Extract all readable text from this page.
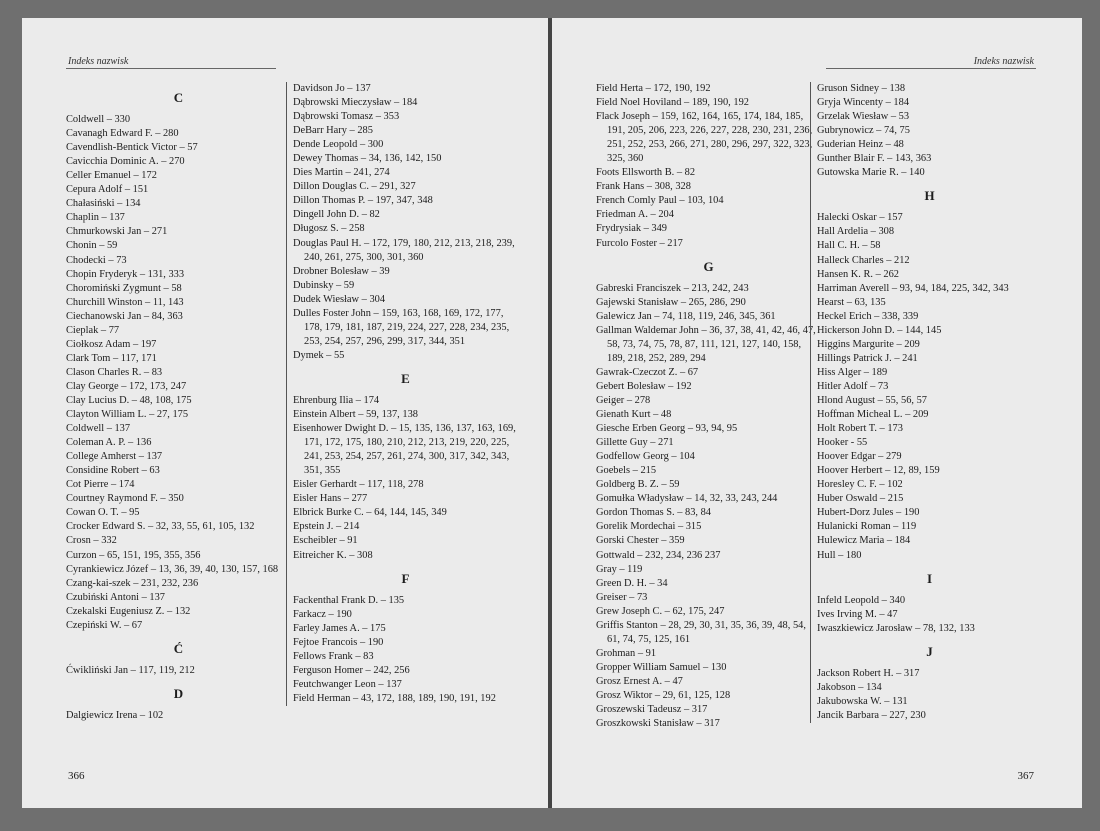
Indeks nazwisk
C
Coldwell – 330
Cavanagh Edward F. – 280
Cavendlish-Bentick Victor – 57
Cavicchia Dominic A. – 270
Celler Emanuel – 172
Cepura Adolf – 151
Chałasiński – 134
Chaplin – 137
Chmurkowski Jan – 271
Chonin – 59
Chodecki – 73
Chopin Fryderyk – 131, 333
Choromiński Zygmunt – 58
Churchill Winston – 11, 143
Ciechanowski Jan – 84, 363
Cieplak – 77
Ciołkosz Adam – 197
Clark Tom – 117, 171
Clason Charles R. – 83
Clay George – 172, 173, 247
Clay Lucius D. – 48, 108, 175
Clayton William L. – 27, 175
Coldwell – 137
Coleman A. P. – 136
College Amherst – 137
Considine Robert – 63
Cot Pierre – 174
Courtney Raymond F. – 350
Cowan O. T. – 95
Crocker Edward S. – 32, 33, 55, 61, 105, 132
Crosn – 332
Curzon – 65, 151, 195, 355, 356
Cyrankiewicz Józef – 13, 36, 39, 40, 130, 157, 168
Czang-kai-szek – 231, 232, 236
Czubiński Antoni – 137
Czekalski Eugeniusz Z. – 132
Czepiński W. – 67
Ć
Ćwikliński Jan – 117, 119, 212
D
Dalgiewicz Irena – 102
Davidson Jo – 137
Dąbrowski Mieczysław – 184
Dąbrowski Tomasz – 353
DeBarr Hary – 285
Dende Leopold – 300
Dewey Thomas – 34, 136, 142, 150
Dies Martin – 241, 274
Dillon Douglas C. – 291, 327
Dillon Thomas P. – 197, 347, 348
Dingell John D. – 82
Długosz S. – 258
Douglas Paul H. – 172, 179, 180, 212, 213, 218, 239, 240, 261, 275, 300, 301, 360
Drobner Bolesław – 39
Dubinsky – 59
Dudek Wiesław – 304
Dulles Foster John – 159, 163, 168, 169, 172, 177, 178, 179, 181, 187, 219, 224, 227, 228, 234, 235, 253, 254, 257, 296, 299, 317, 344, 351
Dymek – 55
E
Ehrenburg Ilia – 174
Einstein Albert – 59, 137, 138
Eisenhower Dwight D. – 15, 135, 136, 137, 163, 169, 171, 172, 175, 180, 210, 212, 213, 219, 220, 225, 241, 253, 254, 257, 261, 274, 300, 317, 342, 343, 351, 355
Eisler Gerhardt – 117, 118, 278
Eisler Hans – 277
Elbrick Burke C. – 64, 144, 145, 349
Epstein J. – 214
Escheibler – 91
Eitreicher K. – 308
F
Fackenthal Frank D. – 135
Farkacz – 190
Farley James A. – 175
Fejtoe Francois – 190
Fellows Frank – 83
Ferguson Homer – 242, 256
Feutchwanger Leon – 137
Field Herman – 43, 172, 188, 189, 190, 191, 192
366
Indeks nazwisk
Field Herta – 172, 190, 192
Field Noel Hoviland – 189, 190, 192
Flack Joseph – 159, 162, 164, 165, 174, 184, 185, 191, 205, 206, 223, 226, 227, 228, 230, 231, 236, 251, 252, 253, 266, 271, 280, 296, 297, 322, 323, 325, 360
Foots Ellsworth B. – 82
Frank Hans – 308, 328
French Comly Paul – 103, 104
Friedman A. – 204
Frydrysiak – 349
Furcolo Foster – 217
G
Gabreski Franciszek – 213, 242, 243
Gajewski Stanisław – 265, 286, 290
Galewicz Jan – 74, 118, 119, 246, 345, 361
Gallman Waldemar John – 36, 37, 38, 41, 42, 46, 47, 58, 73, 74, 75, 78, 87, 111, 121, 127, 140, 158, 189, 218, 252, 289, 294
Gawrak-Czeczot Z. – 67
Gebert Bolesław – 192
Geiger – 278
Gienath Kurt – 48
Giesche Erben Georg – 93, 94, 95
Gillette Guy – 271
Godfellow Georg – 104
Goebels – 215
Goldberg B. Z. – 59
Gomułka Władysław – 14, 32, 33, 243, 244
Gordon Thomas S. – 83, 84
Gorelik Mordechai – 315
Gorski Chester – 359
Gottwald – 232, 234, 236 237
Gray – 119
Green D. H. – 34
Greiser – 73
Grew Joseph C. – 62, 175, 247
Griffis Stanton – 28, 29, 30, 31, 35, 36, 39, 48, 54, 61, 74, 75, 125, 161
Grohman – 91
Gropper William Samuel – 130
Grosz Ernest A. – 47
Grosz Wiktor – 29, 61, 125, 128
Groszewski Tadeusz – 317
Groszkowski Stanisław – 317
Gruson Sidney – 138
Gryja Wincenty – 184
Grzelak Wiesław – 53
Gubrynowicz – 74, 75
Guderian Heinz – 48
Gunther Blair F. – 143, 363
Gutowska Marie R. – 140
H
Halecki Oskar – 157
Hall Ardelia – 308
Hall C. H. – 58
Halleck Charles – 212
Hansen K. R. – 262
Harriman Averell – 93, 94, 184, 225, 342, 343
Hearst – 63, 135
Heckel Erich – 338, 339
Hickerson John D. – 144, 145
Higgins Margurite – 209
Hillings Patrick J. – 241
Hiss Alger – 189
Hitler Adolf – 73
Hlond August – 55, 56, 57
Hoffman Micheal L. – 209
Holt Robert T. – 173
Hooker - 55
Hoover Edgar – 279
Hoover Herbert – 12, 89, 159
Horesley C. F. – 102
Huber Oswald – 215
Hubert-Dorz Jules – 190
Hulanicki Roman – 119
Hulewicz Maria – 184
Hull – 180
I
Infeld Leopold – 340
Ives Irving M. – 47
Iwaszkiewicz Jarosław – 78, 132, 133
J
Jackson Robert H. – 317
Jakobson – 134
Jakubowska W. – 131
Jancik Barbara – 227, 230
367
